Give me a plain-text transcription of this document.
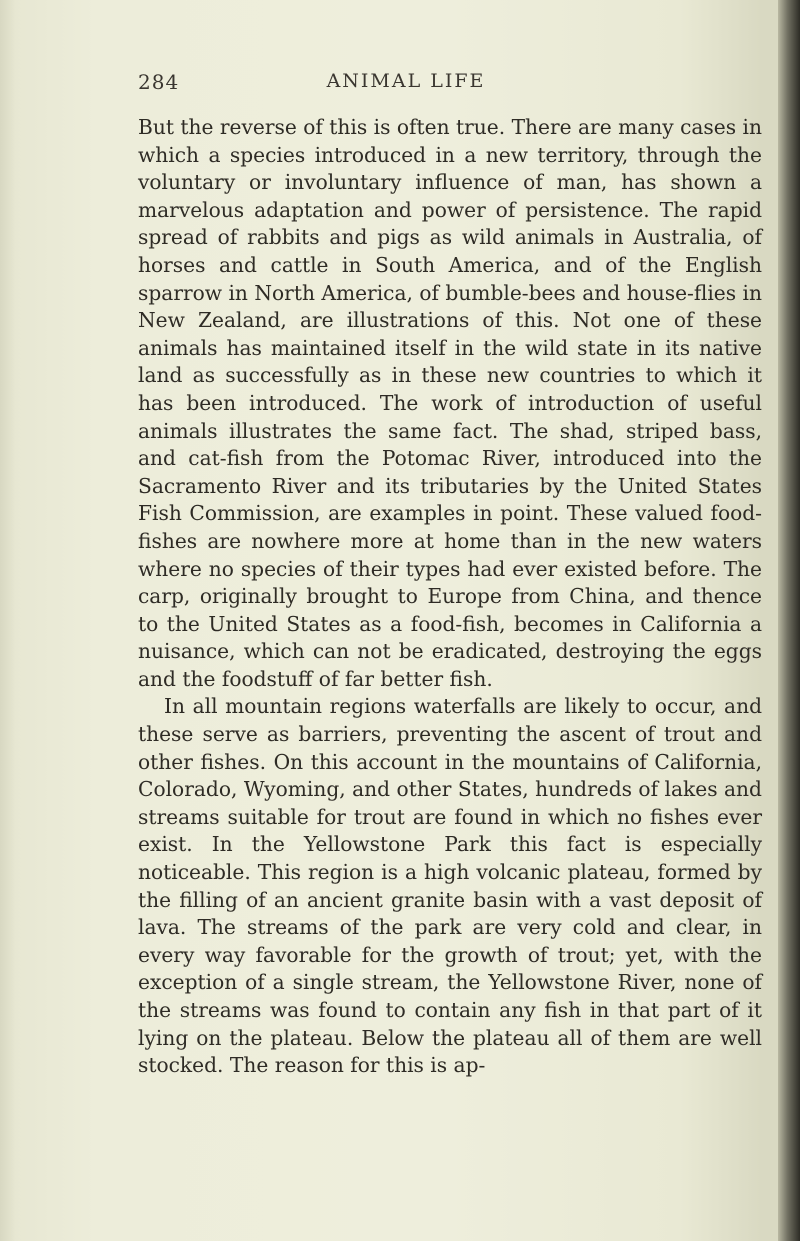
284	ANIMAL LIFE

But the reverse of this is often true. There are many cases in which a species introduced in a new territory, through the voluntary or involuntary influence of man, has shown a marvelous adaptation and power of persistence. The rapid spread of rabbits and pigs as wild animals in Australia, of horses and cattle in South America, and of the English sparrow in North America, of bumble-bees and house-flies in New Zealand, are illustrations of this. Not one of these animals has maintained itself in the wild state in its native land as successfully as in these new countries to which it has been introduced. The work of introduction of useful animals illustrates the same fact. The shad, striped bass, and cat-fish from the Potomac River, introduced into the Sacramento River and its tributaries by the United States Fish Commission, are examples in point. These valued food-fishes are nowhere more at home than in the new waters where no species of their types had ever existed before. The carp, originally brought to Europe from China, and thence to the United States as a food-fish, becomes in California a nuisance, which can not be eradicated, destroying the eggs and the foodstuff of far better fish.

In all mountain regions waterfalls are likely to occur, and these serve as barriers, preventing the ascent of trout and other fishes. On this account in the mountains of California, Colorado, Wyoming, and other States, hundreds of lakes and streams suitable for trout are found in which no fishes ever exist. In the Yellowstone Park this fact is especially noticeable. This region is a high volcanic plateau, formed by the filling of an ancient granite basin with a vast deposit of lava. The streams of the park are very cold and clear, in every way favorable for the growth of trout; yet, with the exception of a single stream, the Yellowstone River, none of the streams was found to contain any fish in that part of it lying on the plateau. Below the plateau all of them are well stocked. The reason for this is ap-
